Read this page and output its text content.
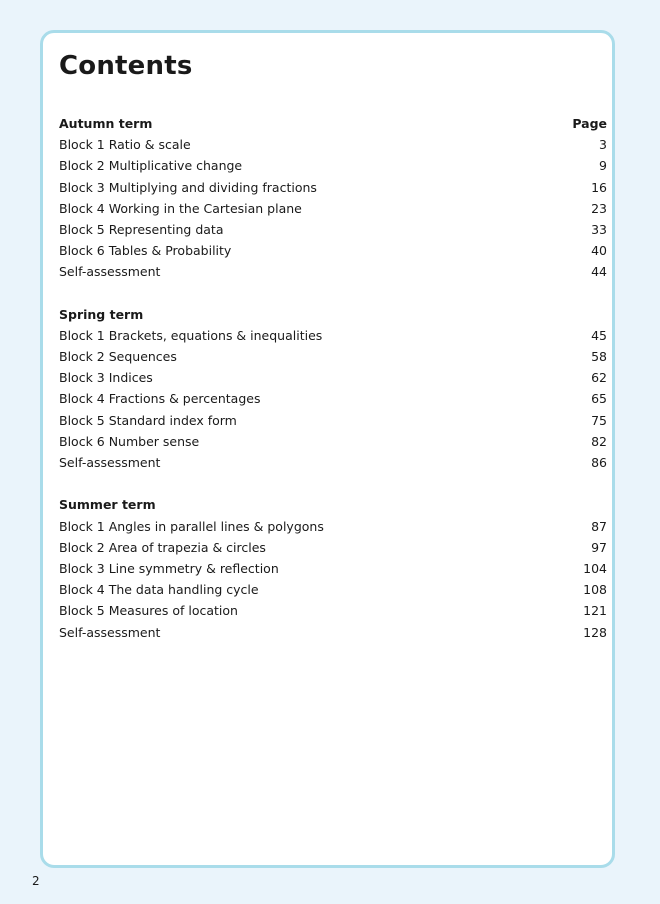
Contents
Autumn term	Page
Block 1 Ratio & scale	3
Block 2 Multiplicative change	9
Block 3 Multiplying and dividing fractions	16
Block 4 Working in the Cartesian plane	23
Block 5 Representing data	33
Block 6 Tables & Probability	40
Self-assessment	44
Spring term
Block 1 Brackets, equations & inequalities	45
Block 2 Sequences	58
Block 3 Indices	62
Block 4 Fractions & percentages	65
Block 5 Standard index form	75
Block 6 Number sense	82
Self-assessment	86
Summer term
Block 1 Angles in parallel lines & polygons	87
Block 2 Area of trapezia & circles	97
Block 3 Line symmetry & reflection	104
Block 4 The data handling cycle	108
Block 5 Measures of location	121
Self-assessment	128
2
